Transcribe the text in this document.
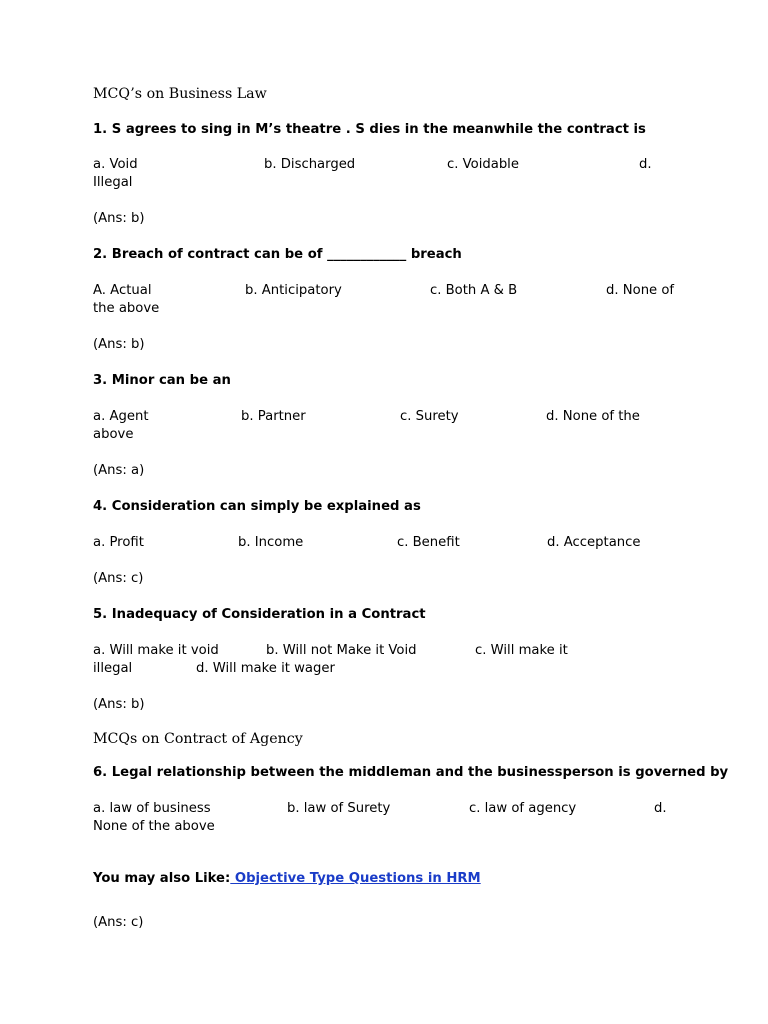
MCQ’s on Business Law

1. S agrees to sing in M’s theatre . S dies in the meanwhile the contract is

a. Void	b. Discharged	c. Voidable	d.

Illegal

(Ans: b)

2. Breach of contract can be of ____________ breach

A. Actual	b. Anticipatory	c. Both A & B	d. None of

the above

(Ans: b)

3. Minor can be an

a. Agent	b. Partner	c. Surety	d. None of the

above

(Ans: a)

4. Consideration can simply be explained as

a. Profit	b. Income	c. Benefit	d. Acceptance

(Ans: c)

5. Inadequacy of Consideration in a Contract

a. Will make it void	b. Will not Make it Void	c. Will make it
illegal	d. Will make it wager

(Ans: b)

MCQs on Contract of Agency

6. Legal relationship between the middleman and the businessperson is governed by

a. law of business	b. law of Surety	c. law of agency	d.

None of the above

You may also Like: Objective Type Questions in HRM

(Ans: c)
